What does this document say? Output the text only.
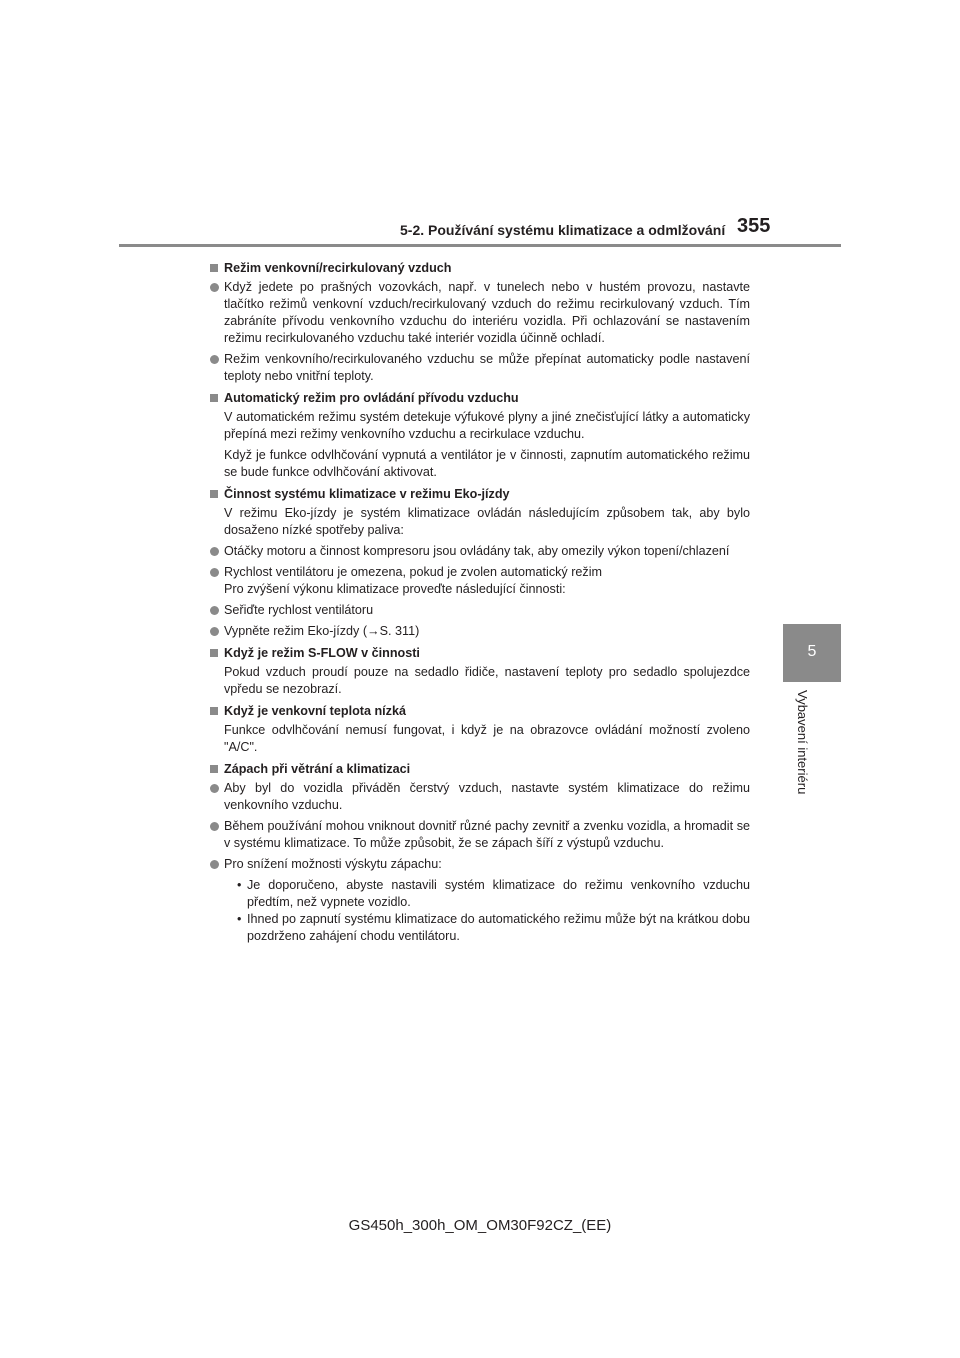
5-2. Používání systému klimatizace a odmlžování 355
5
Vybavení interiéru
Režim venkovní/recirkulovaný vzduch
Když jedete po prašných vozovkách, např. v tunelech nebo v hustém provozu, nastavte tlačítko režimů venkovní vzduch/recirkulovaný vzduch do režimu recirkulovaný vzduch. Tím zabráníte přívodu venkovního vzduchu do interiéru vozidla. Při ochlazování se nastavením režimu recirkulovaného vzduchu také interiér vozidla účinně ochladí.
Režim venkovního/recirkulovaného vzduchu se může přepínat automaticky podle nastavení teploty nebo vnitřní teploty.
Automatický režim pro ovládání přívodu vzduchu
V automatickém režimu systém detekuje výfukové plyny a jiné znečisťující látky a automaticky přepíná mezi režimy venkovního vzduchu a recirkulace vzduchu.
Když je funkce odvlhčování vypnutá a ventilátor je v činnosti, zapnutím automatického režimu se bude funkce odvlhčování aktivovat.
Činnost systému klimatizace v režimu Eko-jízdy
V režimu Eko-jízdy je systém klimatizace ovládán následujícím způsobem tak, aby bylo dosaženo nízké spotřeby paliva:
Otáčky motoru a činnost kompresoru jsou ovládány tak, aby omezily výkon topení/chlazení
Rychlost ventilátoru je omezena, pokud je zvolen automatický režim
Pro zvýšení výkonu klimatizace proveďte následující činnosti:
Seřiďte rychlost ventilátoru
Vypněte režim Eko-jízdy (→S. 311)
Když je režim S-FLOW v činnosti
Pokud vzduch proudí pouze na sedadlo řidiče, nastavení teploty pro sedadlo spolujezdce vpředu se nezobrazí.
Když je venkovní teplota nízká
Funkce odvlhčování nemusí fungovat, i když je na obrazovce ovládání možností zvoleno "A/C".
Zápach při větrání a klimatizaci
Aby byl do vozidla přiváděn čerstvý vzduch, nastavte systém klimatizace do režimu venkovního vzduchu.
Během používání mohou vniknout dovnitř různé pachy zevnitř a zvenku vozidla, a hromadit se v systému klimatizace. To může způsobit, že se zápach šíří z výstupů vzduchu.
Pro snížení možnosti výskytu zápachu:
• Je doporučeno, abyste nastavili systém klimatizace do režimu venkovního vzduchu předtím, než vypnete vozidlo.
• Ihned po zapnutí systému klimatizace do automatického režimu může být na krátkou dobu pozdrženo zahájení chodu ventilátoru.
GS450h_300h_OM_OM30F92CZ_(EE)
